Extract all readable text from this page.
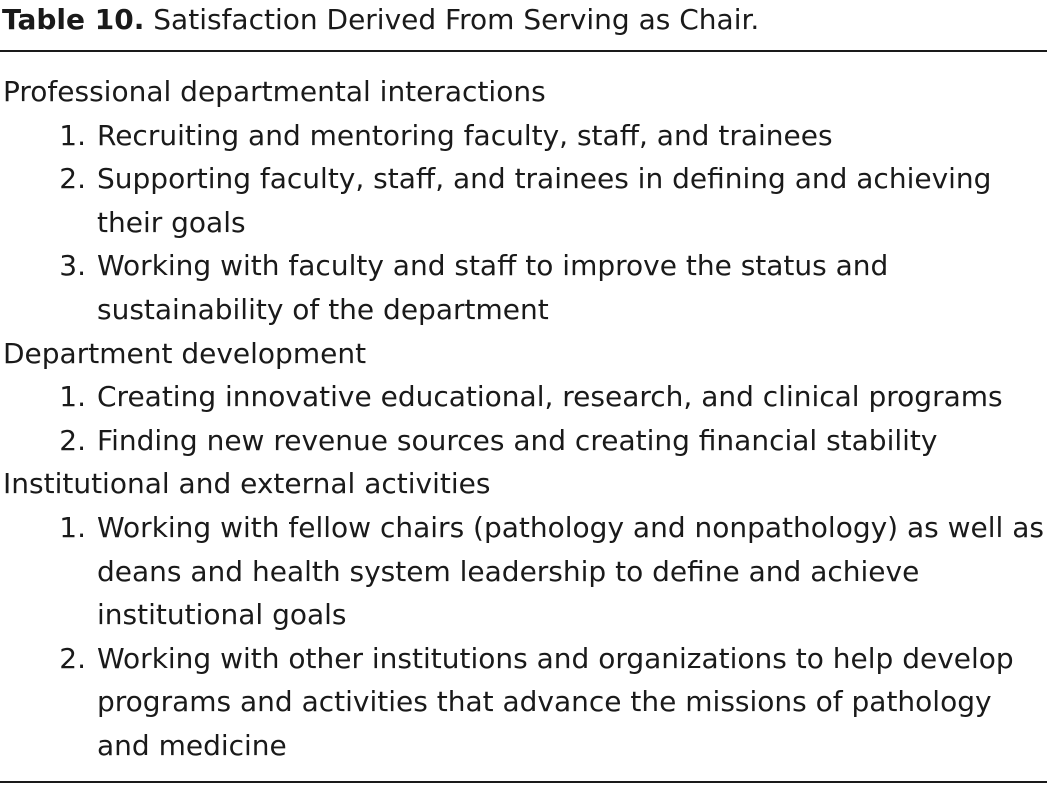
Table 10. Satisfaction Derived From Serving as Chair.
Professional departmental interactions
1. Recruiting and mentoring faculty, staff, and trainees
2. Supporting faculty, staff, and trainees in defining and achieving their goals
3. Working with faculty and staff to improve the status and sustainability of the department
Department development
1. Creating innovative educational, research, and clinical programs
2. Finding new revenue sources and creating financial stability
Institutional and external activities
1. Working with fellow chairs (pathology and nonpathology) as well as deans and health system leadership to define and achieve institutional goals
2. Working with other institutions and organizations to help develop programs and activities that advance the missions of pathology and medicine
